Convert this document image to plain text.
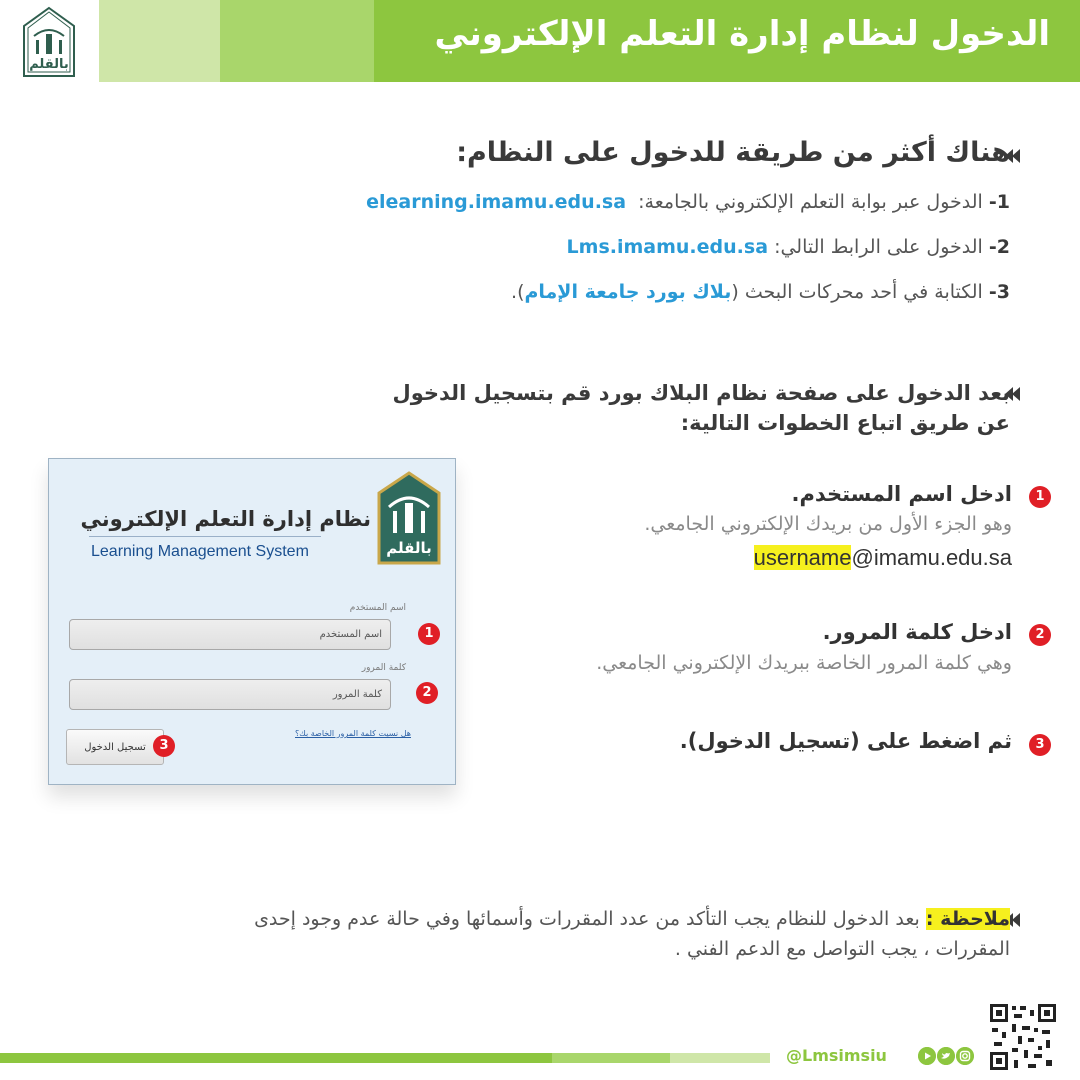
الدخول لنظام إدارة التعلم الإلكتروني
بالقلم
هناك أكثر من طريقة للدخول على النظام:
1- الدخول عبر بوابة التعلم الإلكتروني بالجامعة:  elearning.imamu.edu.sa
2- الدخول على الرابط التالي: Lms.imamu.edu.sa
3- الكتابة في أحد محركات البحث (بلاك بورد جامعة الإمام).
بعد الدخول على صفحة نظام البلاك بورد قم بتسجيل الدخول
عن طريق اتباع الخطوات التالية:
بالقلم
نظام إدارة التعلم الإلكتروني
Learning Management System
اسم المستخدم
اسم المستخدم
كلمة المرور
كلمة المرور
هل نسيت كلمة المرور الخاصة بك؟
تسجيل الدخول
1
2
3
1
ادخل اسم المستخدم.
وهو الجزء الأول من بريدك الإلكتروني الجامعي.
username@imamu.edu.sa
2
ادخل كلمة المرور.
وهي كلمة المرور الخاصة ببريدك الإلكتروني الجامعي.
3
ثم اضغط على (تسجيل الدخول).
ملاحظة : بعد الدخول للنظام يجب التأكد من عدد المقررات وأسمائها وفي حالة عدم وجود إحدى المقررات ، يجب التواصل مع الدعم الفني .
@Lmsimsiu
